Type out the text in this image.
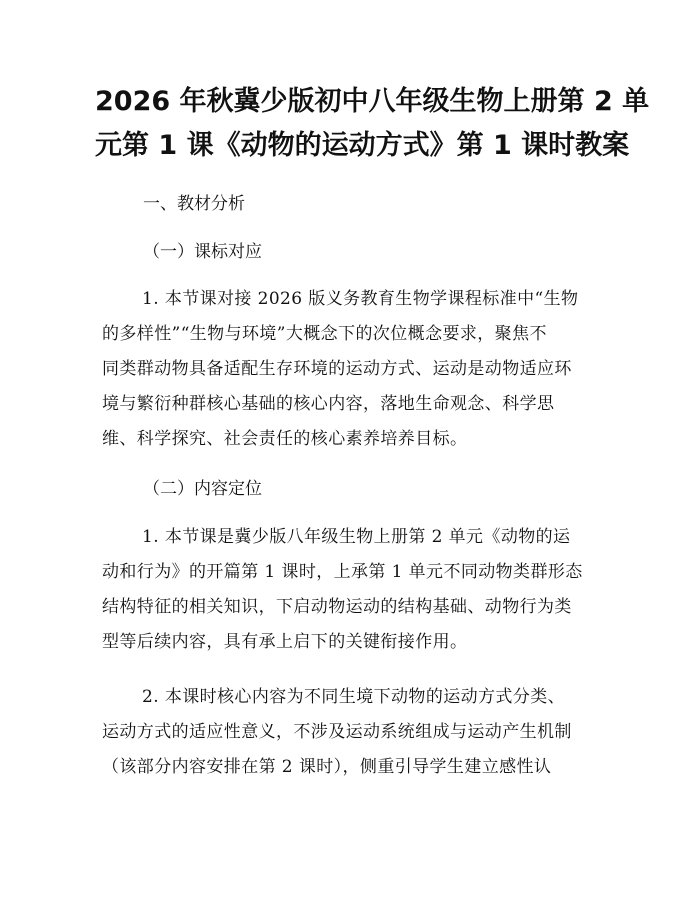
2026 年秋冀少版初中八年级生物上册第 2 单
元第 1 课《动物的运动方式》第 1 课时教案
一、教材分析
（一）课标对应
1. 本节课对接 2026 版义务教育生物学课程标准中“生物
的多样性”“生物与环境”大概念下的次位概念要求，聚焦不
同类群动物具备适配生存环境的运动方式、运动是动物适应环
境与繁衍种群核心基础的核心内容，落地生命观念、科学思
维、科学探究、社会责任的核心素养培养目标。
（二）内容定位
1. 本节课是冀少版八年级生物上册第 2 单元《动物的运
动和行为》的开篇第 1 课时，上承第 1 单元不同动物类群形态
结构特征的相关知识，下启动物运动的结构基础、动物行为类
型等后续内容，具有承上启下的关键衔接作用。
2. 本课时核心内容为不同生境下动物的运动方式分类、
运动方式的适应性意义，不涉及运动系统组成与运动产生机制
（该部分内容安排在第 2 课时），侧重引导学生建立感性认
